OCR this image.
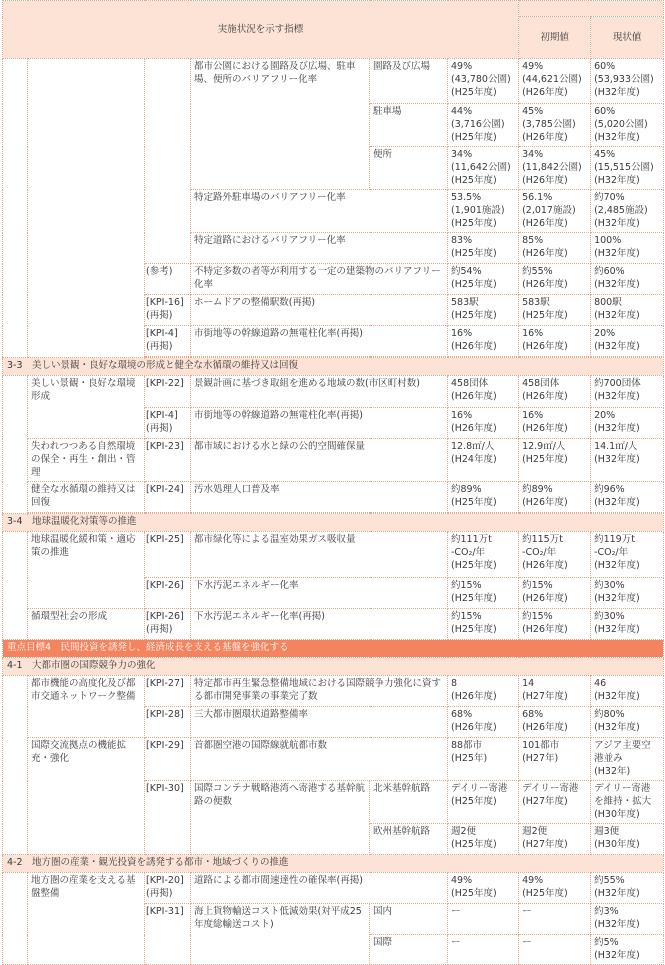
実施状況を示す指標								
						初期値	現状値	
			都市公園における園路及び広場、駐車場、便所のバリアフリー化率	園路及び広場	49%
(43,780公園)
(H25年度)	49%
(44,621公園)
(H26年度)	60%
(53,933公園)
(H32年度)	
				駐車場	44%
(3,716公園)
(H25年度)	45%
(3,785公園)
(H26年度)	60%
(5,020公園)
(H32年度)	
				便所	34%
(11,642公園)
(H25年度)	34%
(11,842公園)
(H26年度)	45%
(15,515公園)
(H32年度)	
			特定路外駐車場のバリアフリー化率		53.5%
(1,901施設)
(H25年度)	56.1%
(2,017施設)
(H26年度)	約70%
(2,485施設)
(H32年度)	
			特定道路におけるバリアフリー化率		83%
(H25年度)	85%
(H26年度)	100%
(H32年度)	
		(参考)	不特定多数の者等が利用する一定の建築物のバリアフリー化率		約54%
(H25年度)	約55%
(H26年度)	約60%
(H32年度)	
		[KPI-16]
(再掲)	ホームドアの整備駅数(再掲)		583駅
(H25年度)	583駅
(H25年度)	800駅
(H32年度)	
		[KPI-4]
(再掲)	市街地等の幹線道路の無電柱化率(再掲)		16%
(H26年度)	16%
(H26年度)	20%
(H32年度)	

3-3　美しい景観・良好な環境の形成と健全な水循環の維持又は回復								
	美しい景観・良好な環境形成	[KPI-22]	景観計画に基づき取組を進める地域の数(市区町村数)		458団体
(H26年度)	458団体
(H26年度)	約700団体
(H32年度)	
		[KPI-4]
(再掲)	市街地等の幹線道路の無電柱化率(再掲)		16%
(H26年度)	16%
(H26年度)	20%
(H32年度)	
	失われつつある自然環境の保全・再生・創出・管理	[KPI-23]	都市域における水と緑の公的空間確保量		12.8㎡/人
(H24年度)	12.9㎡/人
(H25年度)	14.1㎡/人
(H32年度)	
	健全な水循環の維持又は回復	[KPI-24]	汚水処理人口普及率		約89%
(H25年度)	約89%
(H26年度)	約96%
(H32年度)	

3-4　地球温暖化対策等の推進								
	地球温暖化緩和策・適応策の推進	[KPI-25]	都市緑化等による温室効果ガス吸収量		約111万t
-CO₂/年
(H25年度)	約115万t
-CO₂/年
(H26年度)	約119万t
-CO₂/年
(H32年度)	
		[KPI-26]	下水汚泥エネルギー化率		約15%
(H25年度)	約15%
(H26年度)	約30%
(H32年度)	
	循環型社会の形成	[KPI-26]
(再掲)	下水汚泥エネルギー化率(再掲)		約15%
(H25年度)	約15%
(H26年度)	約30%
(H32年度)	
重点目標4　民間投資を誘発し、経済成長を支える基盤を強化する								
4-1　大都市圏の国際競争力の強化								
	都市機能の高度化及び都市交通ネットワーク整備	[KPI-27]	特定都市再生緊急整備地域における国際競争力強化に資する都市開発事業の事業完了数		8
(H26年度)	14
(H27年度)	46
(H32年度)	
		[KPI-28]	三大都市圏環状道路整備率		68%
(H26年度)	68%
(H26年度)	約80%
(H32年度)	
	国際交流拠点の機能拡充・強化	[KPI-29]	首都圏空港の国際線就航都市数		88都市
(H25年)	101都市
(H27年)	アジア主要空
港並み
(H32年)	
		[KPI-30]	国際コンテナ戦略港湾へ寄港する基幹航路の便数	北米基幹航路	デイリー寄港
(H25年度)	デイリー寄港
(H27年度)	デイリー寄港
を維持・拡大
(H30年度)	
				欧州基幹航路	週2便
(H25年度)	週2便
(H27年度)	週3便
(H30年度)	
4-2　地方圏の産業・観光投資を誘発する都市・地域づくりの推進								
	地方圏の産業を支える基盤整備	[KPI-20]
(再掲)	道路による都市間速達性の確保率(再掲)		49%
(H25年度)	49%
(H25年度)	約55%
(H32年度)	
		[KPI-31]	海上貨物輸送コスト低減効果(対平成25年度総輸送コスト)	国内	ー	ー	約3%
(H32年度)	
				国際	ー	ー	約5%
(H32年度)	
